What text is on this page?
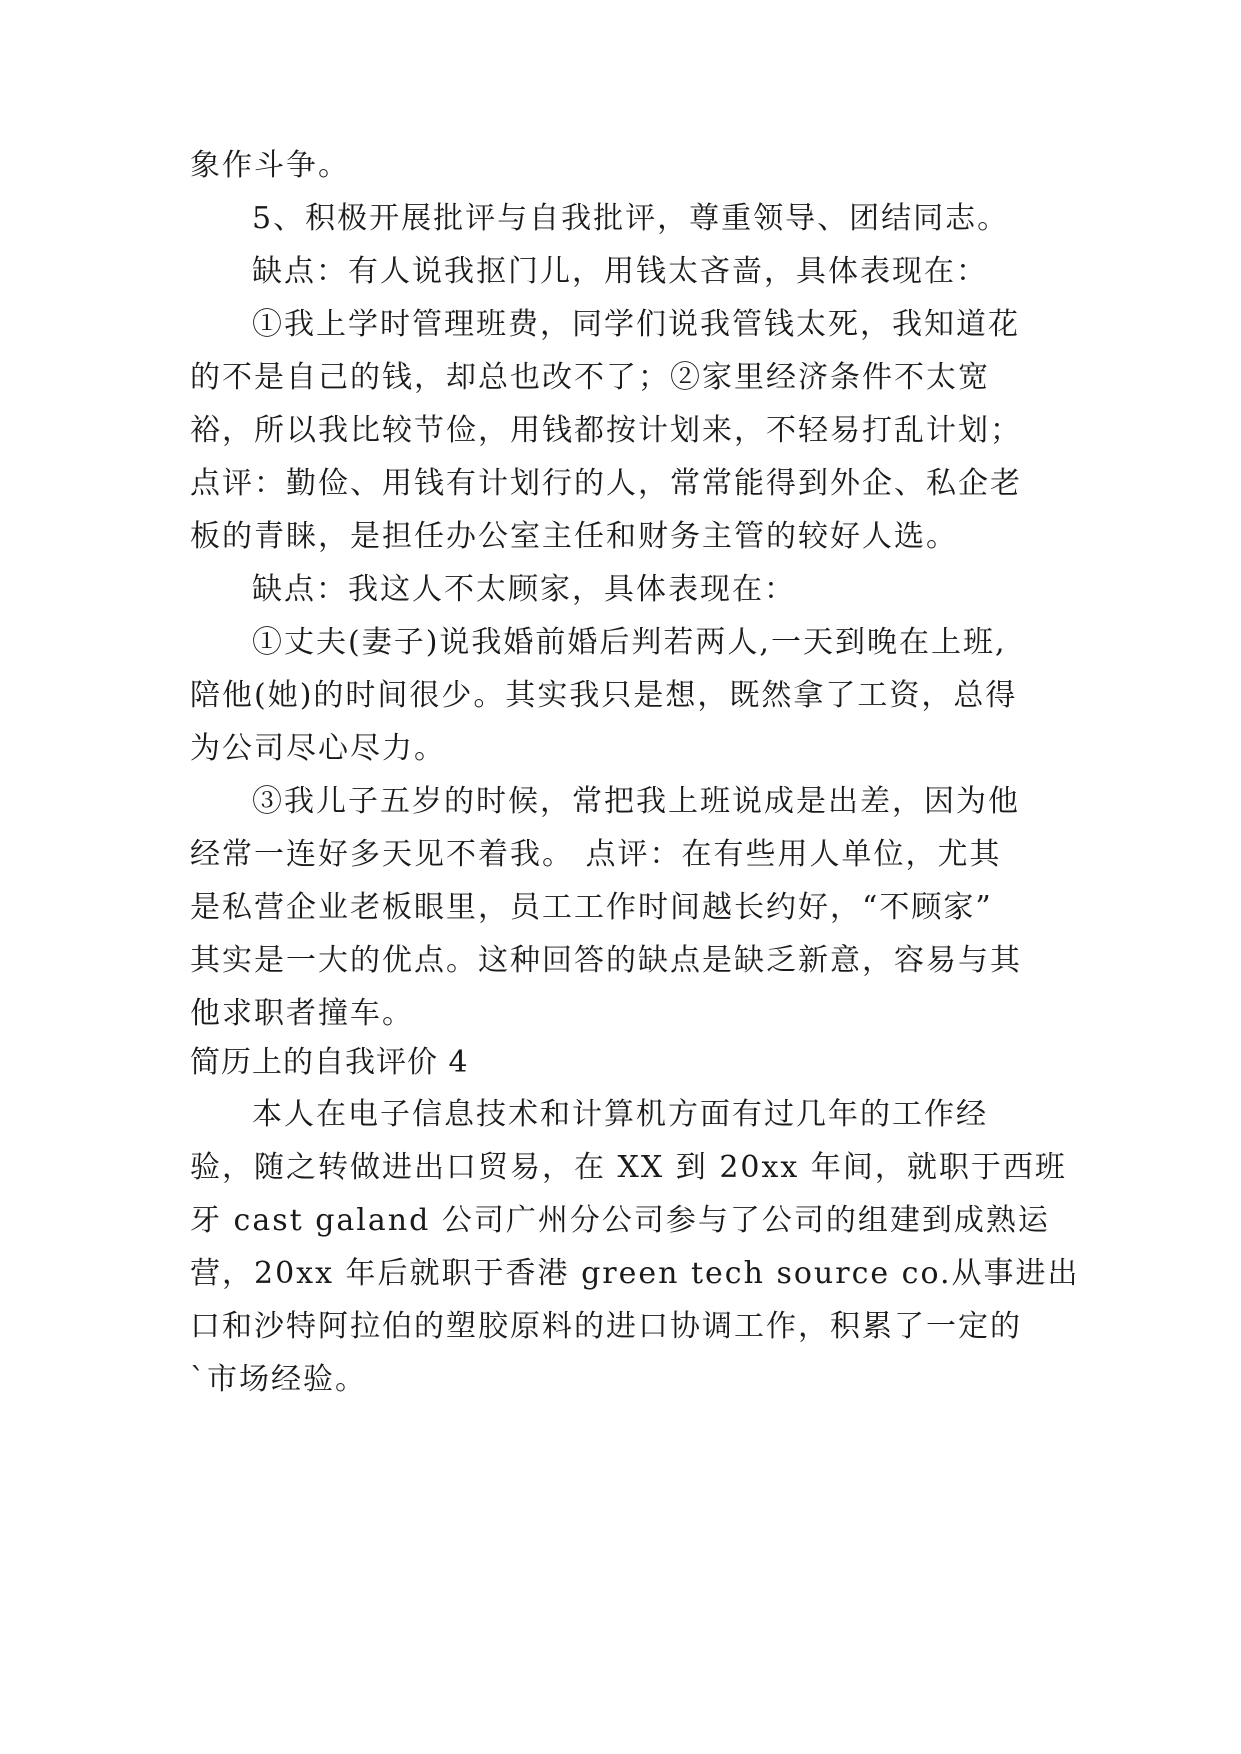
象作斗争。
5、积极开展批评与自我批评，尊重领导、团结同志。
缺点：有人说我抠门儿，用钱太吝啬，具体表现在：
①我上学时管理班费，同学们说我管钱太死，我知道花
的不是自己的钱，却总也改不了；②家里经济条件不太宽
裕，所以我比较节俭，用钱都按计划来，不轻易打乱计划；
点评：勤俭、用钱有计划行的人，常常能得到外企、私企老
板的青睐，是担任办公室主任和财务主管的较好人选。
缺点：我这人不太顾家，具体表现在：
①丈夫(妻子)说我婚前婚后判若两人,一天到晚在上班,
陪他(她)的时间很少。其实我只是想，既然拿了工资，总得
为公司尽心尽力。
③我儿子五岁的时候，常把我上班说成是出差，因为他
经常一连好多天见不着我。 点评：在有些用人单位，尤其
是私营企业老板眼里，员工工作时间越长约好，“不顾家”
其实是一大的优点。这种回答的缺点是缺乏新意，容易与其
他求职者撞车。
简历上的自我评价 4
本人在电子信息技术和计算机方面有过几年的工作经
验，随之转做进出口贸易，在 XX 到 20xx 年间，就职于西班
牙 cast galand 公司广州分公司参与了公司的组建到成熟运
营，20xx 年后就职于香港 green tech source co.从事进出
口和沙特阿拉伯的塑胶原料的进口协调工作，积累了一定的
`市场经验。
